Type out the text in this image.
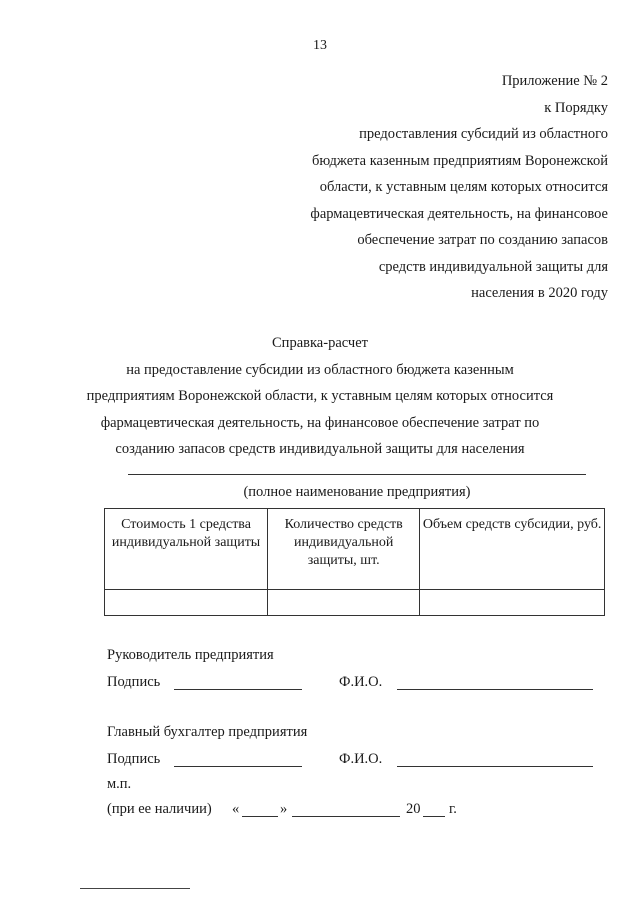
13
Приложение № 2
к Порядку
предоставления субсидий из областного
бюджета казенным предприятиям Воронежской
области, к уставным целям которых относится
фармацевтическая деятельность, на финансовое
обеспечение затрат по созданию запасов
средств индивидуальной защиты для
населения в 2020 году
Справка-расчет
на предоставление субсидии из областного бюджета казенным
предприятиям Воронежской области, к уставным целям которых относится
фармацевтическая деятельность, на финансовое обеспечение затрат по
созданию запасов средств индивидуальной защиты для населения
(полное наименование предприятия)
Стоимость 1 средства индивидуальной защиты	Количество средств индивидуальной защиты, шт.	Объем средств субсидии, руб.

Руководитель предприятия
Подпись	Ф.И.О.
Главный бухгалтер предприятия
Подпись	Ф.И.О.
м.п.
(при ее наличии) «	»	20 г.
